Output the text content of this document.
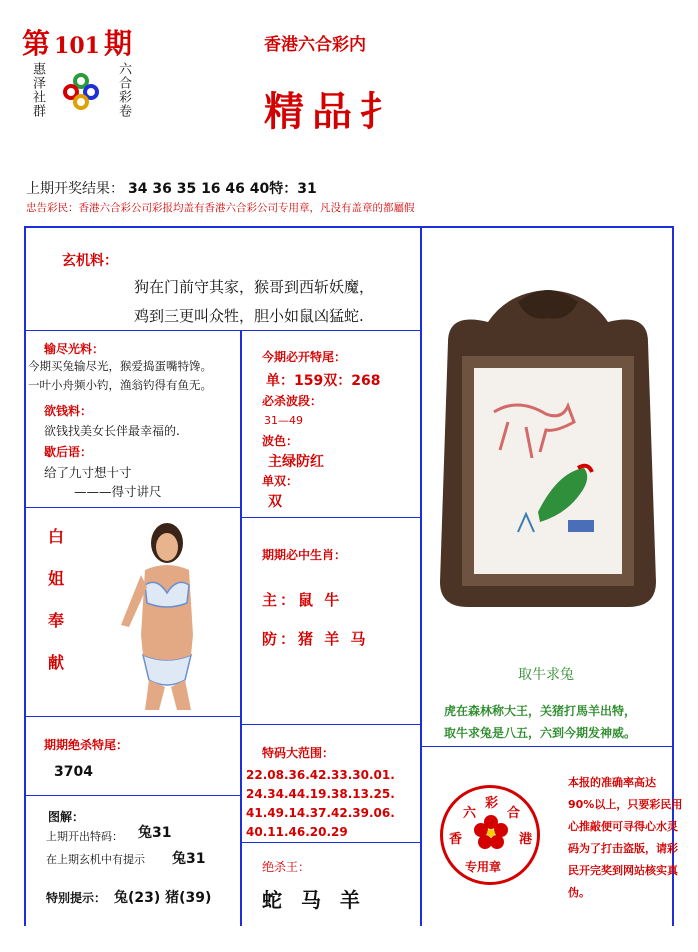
第 101 期
惠泽社群	六合彩卷
香港六合彩内
精品扌
上期开奖结果： 34 36 35 16 46 40特：31
忠告彩民：香港六合彩公司彩报均盖有香港六合彩公司专用章，凡没有盖章的都屬假
玄机料：
狗在门前守其家，猴哥到西斩妖魔，
鸡到三更叫众牲，胆小如鼠凶猛蛇.
输尽光料：
今期买兔输尽光，猴爱捣蛋嘴特馋。
一叶小舟频小钓，渔翁钓得有鱼无。
欲钱料：
欲钱找美女长伴最幸福的.
歇后语：
给了九寸想十寸
———得寸讲尺
白
姐
奉
献
今期必开特尾：
单：159双：268
必杀波段：
31—49
波色：
主绿防红
单双：
双
期期必中生肖：
主：鼠 牛
防：猪 羊 马
取牛求兔
虎在森林称大王，关猪打馬羊出特，
取牛求兔是八五，六到今期发神威。
期期绝杀特尾：
3704
特码大范围：
22.08.36.42.33.30.01.
24.34.44.19.38.13.25.
41.49.14.37.42.39.06.
40.11.46.20.29
图解：
上期开出特码： 兔31
在上期玄机中有提示 兔31
特别提示： 兔(23) 猪(39)
绝杀王：
蛇 马 羊
六
彩
合
香	港
专用章
本报的准确率高达 90%以上，只要彩民用心推敲便可寻得心水灵码为了打击盗版，请彩民开完奖到网站核实真伪。
